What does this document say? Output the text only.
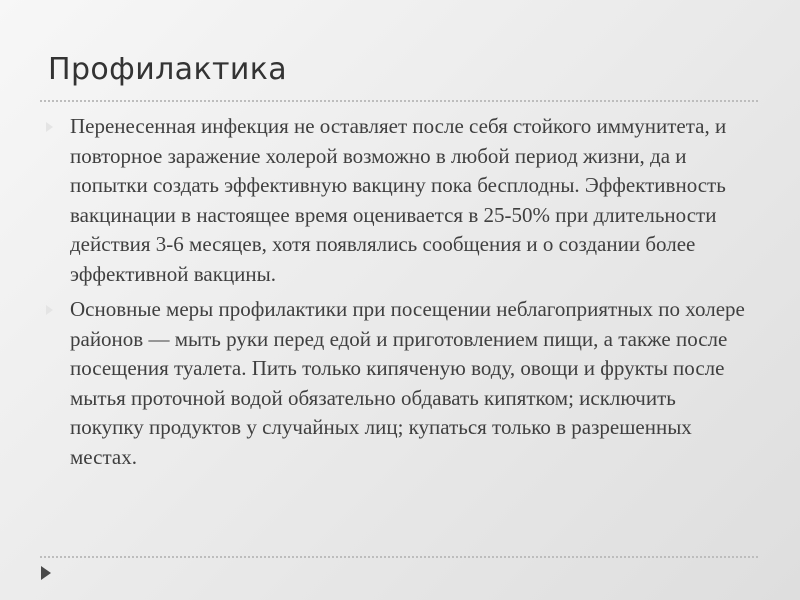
Профилактика
Перенесенная инфекция не оставляет после себя стойкого иммунитета, и повторное заражение холерой возможно в любой период жизни, да и попытки создать эффективную вакцину пока бесплодны. Эффективность вакцинации в настоящее время оценивается в 25-50% при длительности действия 3-6 месяцев, хотя появлялись сообщения и о создании более эффективной вакцины.
Основные меры профилактики при посещении неблагоприятных по холере районов — мыть руки перед едой и приготовлением пищи, а также после посещения туалета. Пить только кипяченую воду, овощи и фрукты после мытья проточной водой обязательно обдавать кипятком; исключить покупку продуктов у случайных лиц; купаться только в разрешенных местах.
